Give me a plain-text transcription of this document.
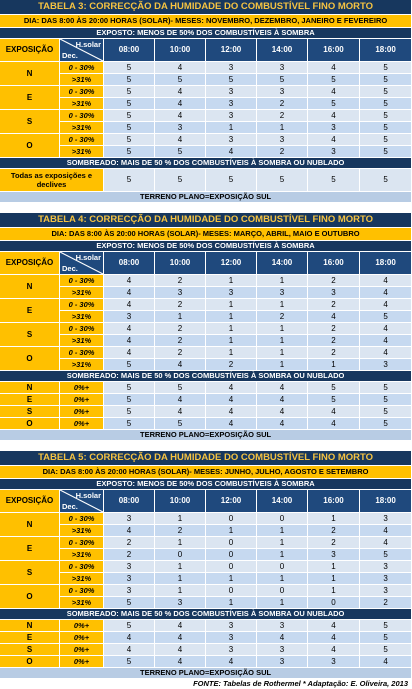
TABELA 3: CORRECÇÃO DA HUMIDADE DO COMBUSTÍVEL FINO MORTO							
DIA: DAS 8:00 ÀS 20:00 HORAS (SOLAR)- MESES: NOVEMBRO, DEZEMBRO, JANEIRO E FEVEREIRO							
EXPOSTO: MENOS DE 50% DOS COMBUSTÍVEIS À SOMBRA							
EXPOSIÇÃO	H.solar
Dec.	08:00	10:00	12:00	14:00	16:00	18:00
N	0 - 30%	5	4	3	3	4	5
	>31%	5	5	5	5	5	5
E	0 - 30%	5	4	3	3	4	5
	>31%	5	4	3	2	5	5
S	0 - 30%	5	4	3	2	4	5
	>31%	5	3	1	1	3	5
O	0 - 30%	5	4	3	3	4	5
	>31%	5	5	4	2	3	5
SOMBREADO: MAIS DE 50 % DOS COMBUSTÍVEIS À SOMBRA OU NUBLADO							
Todas as exposições e declives		5	5	5	5	5	5
TERRENO PLANO=EXPOSIÇÃO SUL							
TABELA 4: CORRECÇÃO DA HUMIDADE DO COMBUSTÍVEL FINO MORTO							
DIA: DAS 8:00 ÀS 20:00 HORAS (SOLAR)- MESES: MARÇO, ABRIL, MAIO E OUTUBRO							
EXPOSTO: MENOS DE 50% DOS COMBUSTÍVEIS À SOMBRA							
EXPOSIÇÃO	H.solar
Dec.	08:00	10:00	12:00	14:00	16:00	18:00
N	0 - 30%	4	2	1	1	2	4
	>31%	4	3	3	3	3	4
E	0 - 30%	4	2	1	1	2	4
	>31%	3	1	1	2	4	5
S	0 - 30%	4	2	1	1	2	4
	>31%	4	2	1	1	2	4
O	0 - 30%	4	2	1	1	2	4
	>31%	5	4	2	1	1	3
SOMBREADO: MAIS DE 50 % DOS COMBUSTÍVEIS À SOMBRA OU NUBLADO							
N	0%+	5	5	4	4	5	5
E	0%+	5	4	4	4	5	5
S	0%+	5	4	4	4	4	5
O	0%+	5	5	4	4	4	5
TERRENO PLANO=EXPOSIÇÃO SUL							
TABELA 5: CORRECÇÃO DA HUMIDADE DO COMBUSTÍVEL FINO MORTO							
DIA: DAS 8:00 ÀS 20:00 HORAS (SOLAR)- MESES: JUNHO, JULHO, AGOSTO E SETEMBRO							
EXPOSTO: MENOS DE 50% DOS COMBUSTÍVEIS À SOMBRA							
EXPOSIÇÃO	H.solar
Dec.	08:00	10:00	12:00	14:00	16:00	18:00
N	0 - 30%	3	1	0	0	1	3
	>31%	4	2	1	1	2	4
E	0 - 30%	2	1	0	1	2	4
	>31%	2	0	0	1	3	5
S	0 - 30%	3	1	0	0	1	3
	>31%	3	1	1	1	1	3
O	0 - 30%	3	1	0	0	1	3
	>31%	5	3	1	1	0	2
SOMBREADO: MAIS DE 50 % DOS COMBUSTÍVEIS À SOMBRA OU NUBLADO							
N	0%+	5	4	3	3	4	5
E	0%+	4	4	3	4	4	5
S	0%+	4	4	3	3	4	5
O	0%+	5	4	4	3	3	4
TERRENO PLANO=EXPOSIÇÃO SUL							
FONTE: Tabelas de Rothermel * Adaptação: E. Oliveira, 2013
